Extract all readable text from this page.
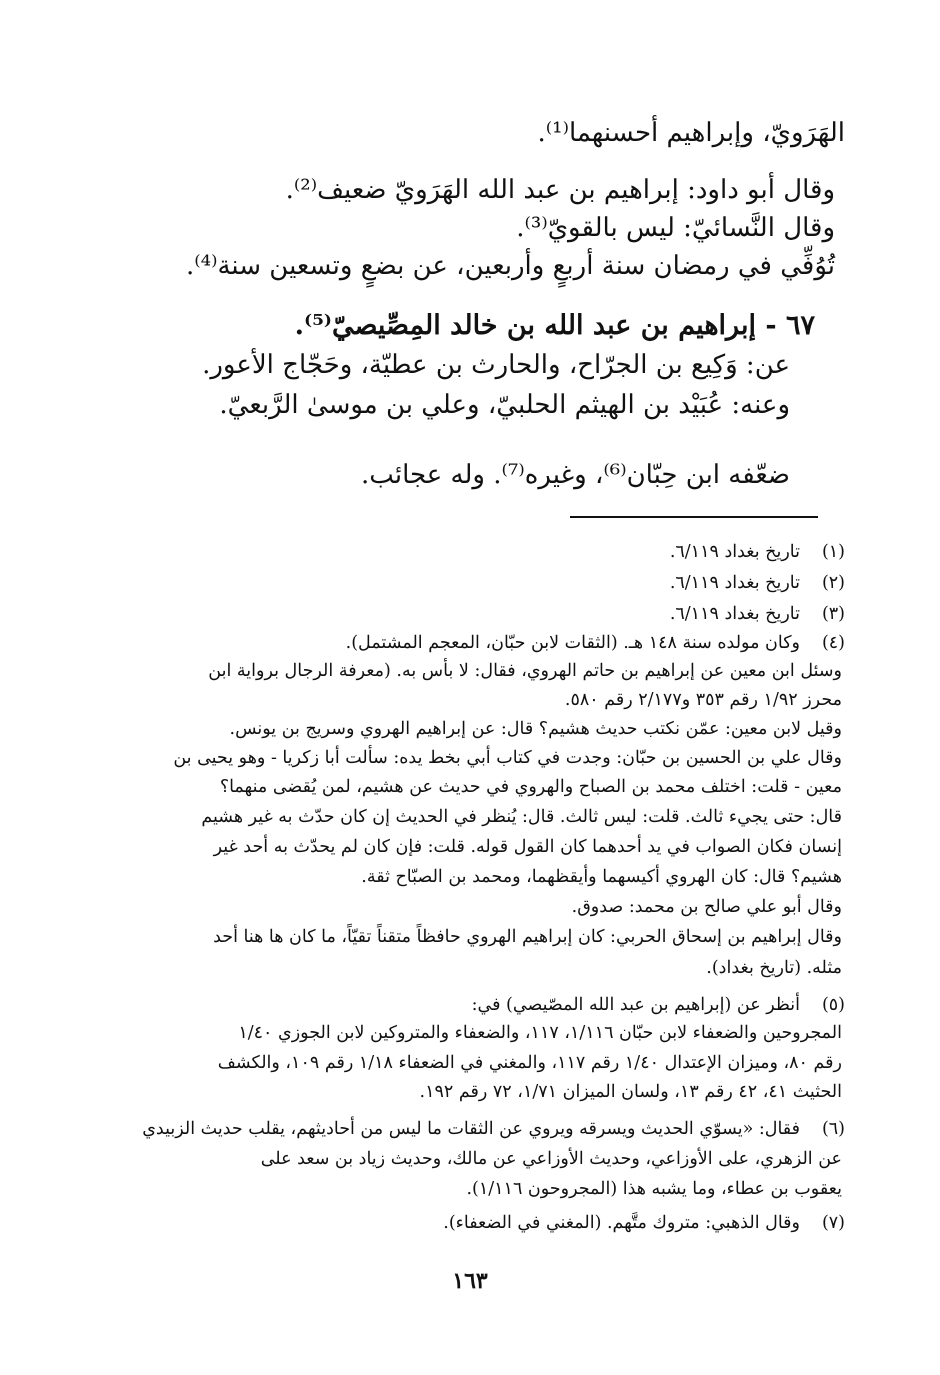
الهَرَويّ، وإبراهيم أحسنهما⁽¹⁾.
وقال أبو داود: إبراهيم بن عبد الله الهَرَويّ ضعيف⁽²⁾.
وقال النَّسائيّ: ليس بالقويّ⁽³⁾.
تُوُفِّي في رمضان سنة أربعٍ وأربعين، عن بضعٍ وتسعين سنة⁽⁴⁾.
٦٧ - إبراهيم بن عبد الله بن خالد المِصِّيصيّ⁽⁵⁾.
عن: وَكِيع بن الجرّاح، والحارث بن عطيّة، وحَجّاج الأعور.
وعنه: عُبَيْد بن الهيثم الحلبيّ، وعلي بن موسىٰ الرَّبعيّ.
ضعّفه ابن حِبّان⁽⁶⁾، وغيره⁽⁷⁾. وله عجائب.
(١)
تاريخ بغداد ٦/١١٩.
(٢)
تاريخ بغداد ٦/١١٩.
(٣)
تاريخ بغداد ٦/١١٩.
(٤)
وكان مولده سنة ١٤٨ هـ. (الثقات لابن حبّان، المعجم المشتمل).
وسئل ابن معين عن إبراهيم بن حاتم الهروي، فقال: لا بأس به. (معرفة الرجال برواية ابن
محرز ١/٩٢ رقم ٣٥٣ و٢/١٧٧ رقم ٥٨٠.
وقيل لابن معين: عمّن نكتب حديث هشيم؟ قال: عن إبراهيم الهروي وسريج بن يونس.
وقال علي بن الحسين بن حبّان: وجدت في كتاب أبي بخط يده: سألت أبا زكريا - وهو يحيى بن
معين - قلت: اختلف محمد بن الصباح والهروي في حديث عن هشيم، لمن يُقضى منهما؟
قال: حتى يجيء ثالث. قلت: ليس ثالث. قال: يُنظر في الحديث إن كان حدّث به غير هشيم
إنسان فكان الصواب في يد أحدهما كان القول قوله. قلت: فإن كان لم يحدّث به أحد غير
هشيم؟ قال: كان الهروي أكيسهما وأيقظهما، ومحمد بن الصبّاح ثقة.
وقال أبو علي صالح بن محمد: صدوق.
وقال إبراهيم بن إسحاق الحربي: كان إبراهيم الهروي حافظاً متقناً تقيّاً، ما كان ها هنا أحد
مثله. (تاريخ بغداد).
(٥)
أنظر عن (إبراهيم بن عبد الله المصّيصي) في:
المجروحين والضعفاء لابن حبّان ١/١١٦، ١١٧، والضعفاء والمتروكين لابن الجوزي ١/٤٠
رقم ٨٠، وميزان الإعتدال ١/٤٠ رقم ١١٧، والمغني في الضعفاء ١/١٨ رقم ١٠٩، والكشف
الحثيث ٤١، ٤٢ رقم ١٣، ولسان الميزان ١/٧١، ٧٢ رقم ١٩٢.
(٦)
فقال: «يسوّي الحديث ويسرقه ويروي عن الثقات ما ليس من أحاديثهم، يقلب حديث الزبيدي
عن الزهري، على الأوزاعي، وحديث الأوزاعي عن مالك، وحديث زياد بن سعد على
يعقوب بن عطاء، وما يشبه هذا (المجروحون ١/١١٦).
(٧)
وقال الذهبي: متروك متَّهم. (المغني في الضعفاء).
١٦٣
